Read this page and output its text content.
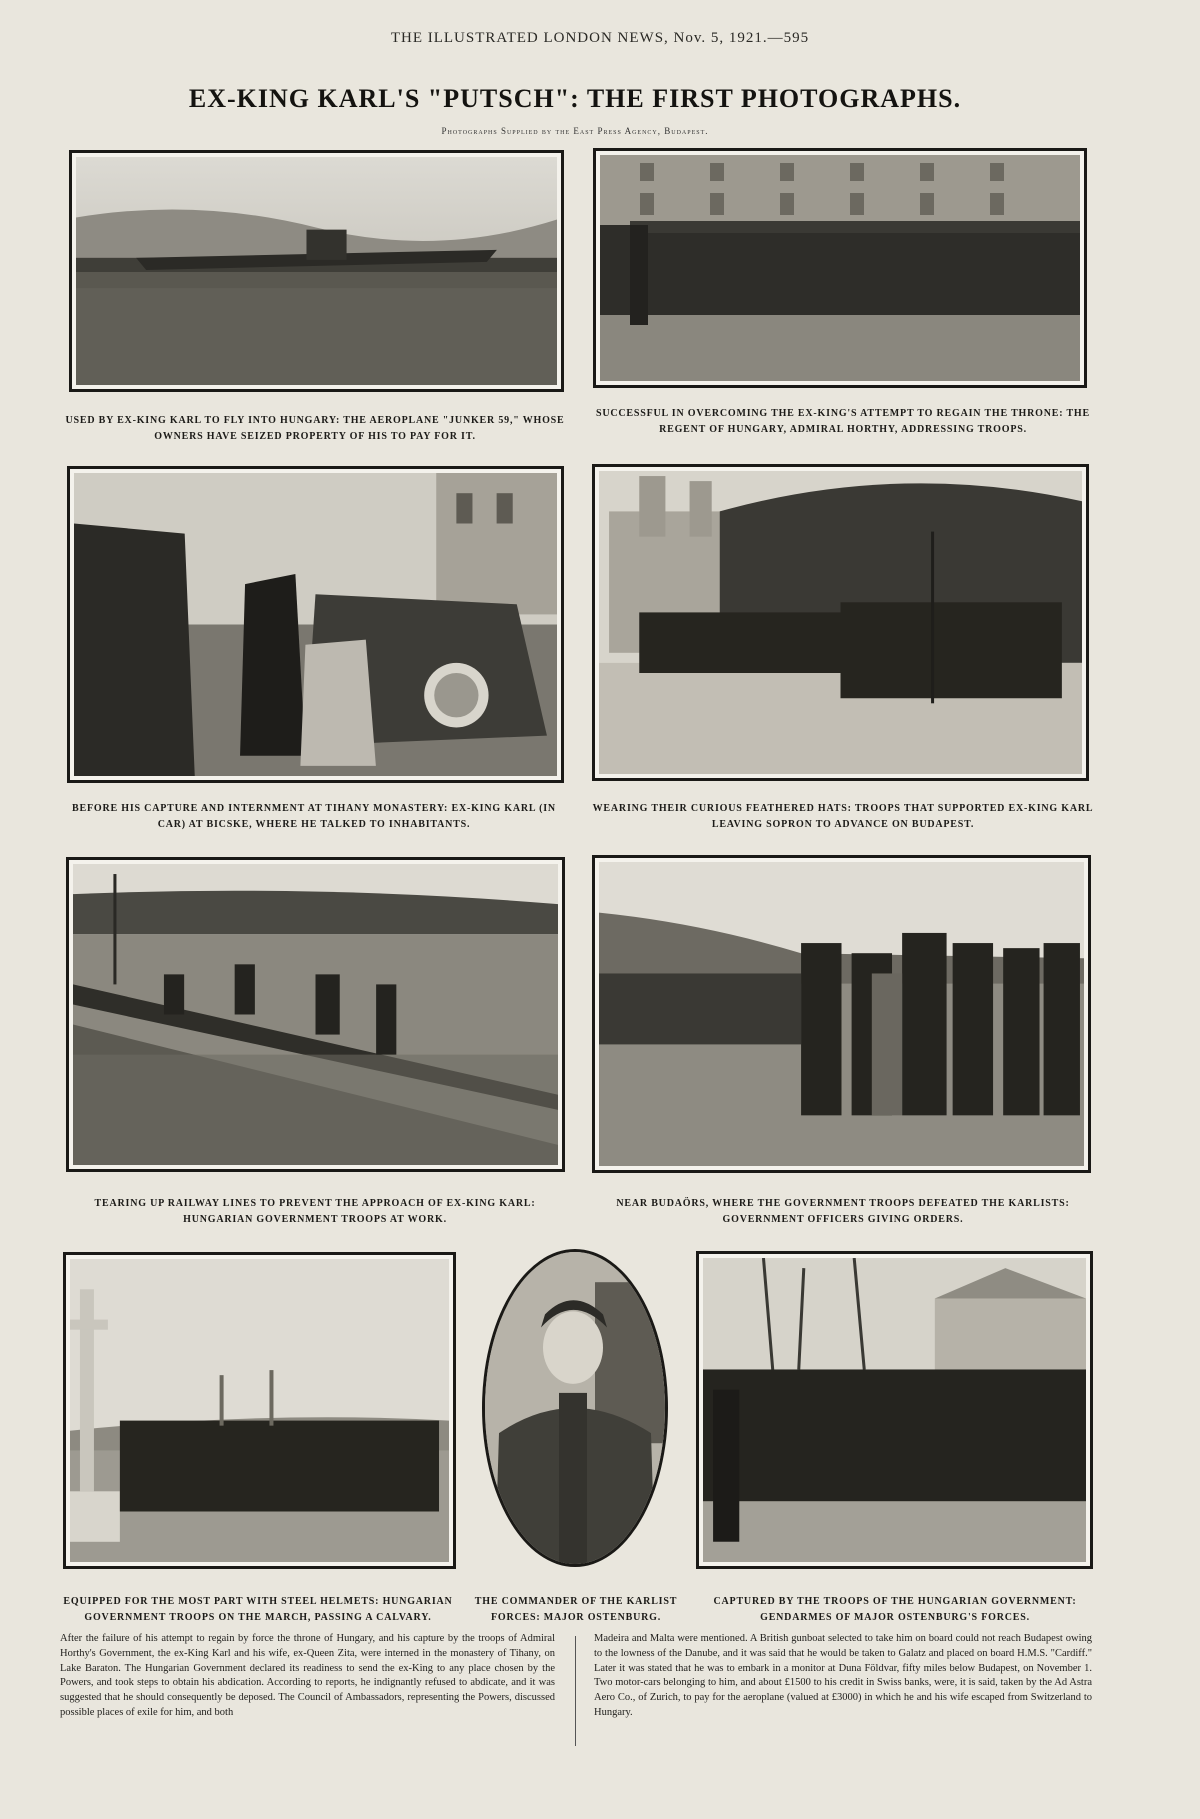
THE ILLUSTRATED LONDON NEWS, Nov. 5, 1921.—595
EX-KING KARL'S "PUTSCH": THE FIRST PHOTOGRAPHS.
Photographs Supplied by the East Press Agency, Budapest.
USED BY EX-KING KARL TO FLY INTO HUNGARY: THE AEROPLANE "JUNKER 59," WHOSE OWNERS HAVE SEIZED PROPERTY OF HIS TO PAY FOR IT.
SUCCESSFUL IN OVERCOMING THE EX-KING'S ATTEMPT TO REGAIN THE THRONE: THE REGENT OF HUNGARY, ADMIRAL HORTHY, ADDRESSING TROOPS.
BEFORE HIS CAPTURE AND INTERNMENT AT TIHANY MONASTERY: EX-KING KARL (IN CAR) AT BICSKE, WHERE HE TALKED TO INHABITANTS.
WEARING THEIR CURIOUS FEATHERED HATS: TROOPS THAT SUPPORTED EX-KING KARL LEAVING SOPRON TO ADVANCE ON BUDAPEST.
TEARING UP RAILWAY LINES TO PREVENT THE APPROACH OF EX-KING KARL: HUNGARIAN GOVERNMENT TROOPS AT WORK.
NEAR BUDAÖRS, WHERE THE GOVERNMENT TROOPS DEFEATED THE KARLISTS: GOVERNMENT OFFICERS GIVING ORDERS.
EQUIPPED FOR THE MOST PART WITH STEEL HELMETS: HUNGARIAN GOVERNMENT TROOPS ON THE MARCH, PASSING A CALVARY.
THE COMMANDER OF THE KARLIST FORCES: MAJOR OSTENBURG.
CAPTURED BY THE TROOPS OF THE HUNGARIAN GOVERNMENT: GENDARMES OF MAJOR OSTENBURG'S FORCES.
After the failure of his attempt to regain by force the throne of Hungary, and his capture by the troops of Admiral Horthy's Government, the ex-King Karl and his wife, ex-Queen Zita, were interned in the monastery of Tihany, on Lake Baraton. The Hungarian Government declared its readiness to send the ex-King to any place chosen by the Powers, and took steps to obtain his abdication. According to reports, he indignantly refused to abdicate, and it was suggested that he should consequently be deposed. The Council of Ambassadors, representing the Powers, discussed possible places of exile for him, and both
Madeira and Malta were mentioned. A British gunboat selected to take him on board could not reach Budapest owing to the lowness of the Danube, and it was said that he would be taken to Galatz and placed on board H.M.S. "Cardiff." Later it was stated that he was to embark in a monitor at Duna Földvar, fifty miles below Budapest, on November 1. Two motor-cars belonging to him, and about £1500 to his credit in Swiss banks, were, it is said, taken by the Ad Astra Aero Co., of Zurich, to pay for the aeroplane (valued at £3000) in which he and his wife escaped from Switzerland to Hungary.
